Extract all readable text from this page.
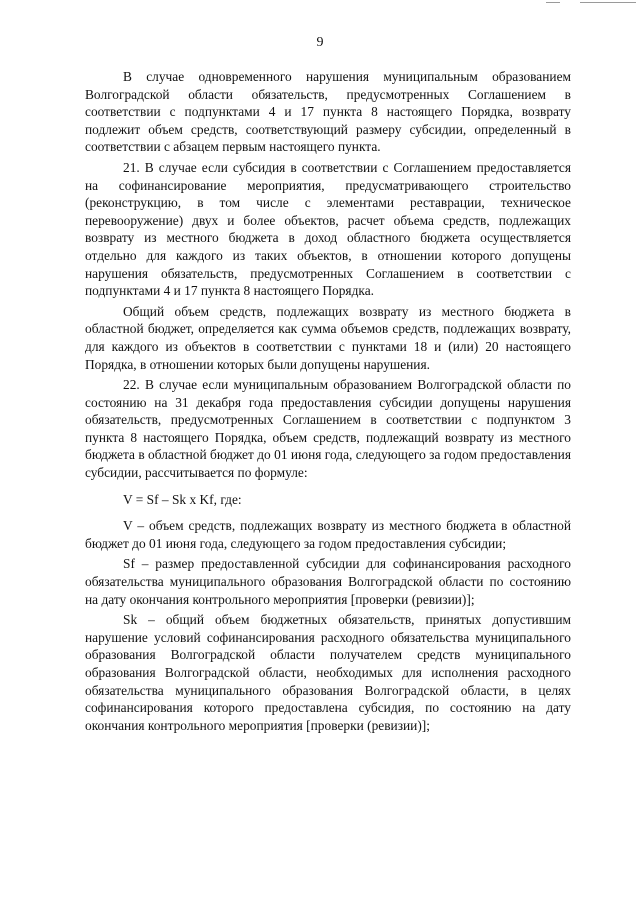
9

В случае одновременного нарушения муниципальным образованием Волгоградской области обязательств, предусмотренных Соглашением в соответствии с подпунктами 4 и 17 пункта 8 настоящего Порядка, возврату подлежит объем средств, соответствующий размеру субсидии, определенный в соответствии с абзацем первым настоящего пункта.

21. В случае если субсидия в соответствии с Соглашением предоставляется на софинансирование мероприятия, предусматривающего строительство (реконструкцию, в том числе с элементами реставрации, техническое перевооружение) двух и более объектов, расчет объема средств, подлежащих возврату из местного бюджета в доход областного бюджета осуществляется отдельно для каждого из таких объектов, в отношении которого допущены нарушения обязательств, предусмотренных Соглашением в соответствии с подпунктами 4 и 17 пункта 8 настоящего Порядка.

Общий объем средств, подлежащих возврату из местного бюджета в областной бюджет, определяется как сумма объемов средств, подлежащих возврату, для каждого из объектов в соответствии с пунктами 18 и (или) 20 настоящего Порядка, в отношении которых были допущены нарушения.

22. В случае если муниципальным образованием Волгоградской области по состоянию на 31 декабря года предоставления субсидии допущены нарушения обязательств, предусмотренных Соглашением в соответствии с подпунктом 3 пункта 8 настоящего Порядка, объем средств, подлежащий возврату из местного бюджета в областной бюджет до 01 июня года, следующего за годом предоставления субсидии, рассчитывается по формуле:

V = Sf – Sk x Kf, где:

V – объем средств, подлежащих возврату из местного бюджета в областной бюджет до 01 июня года, следующего за годом предоставления субсидии;

Sf – размер предоставленной субсидии для софинансирования расходного обязательства муниципального образования Волгоградской области по состоянию на дату окончания контрольного мероприятия [проверки (ревизии)];

Sk – общий объем бюджетных обязательств, принятых допустившим нарушение условий софинансирования расходного обязательства муниципального образования Волгоградской области получателем средств муниципального образования Волгоградской области, необходимых для исполнения расходного обязательства муниципального образования Волгоградской области, в целях софинансирования которого предоставлена субсидия, по состоянию на дату окончания контрольного мероприятия [проверки (ревизии)];
